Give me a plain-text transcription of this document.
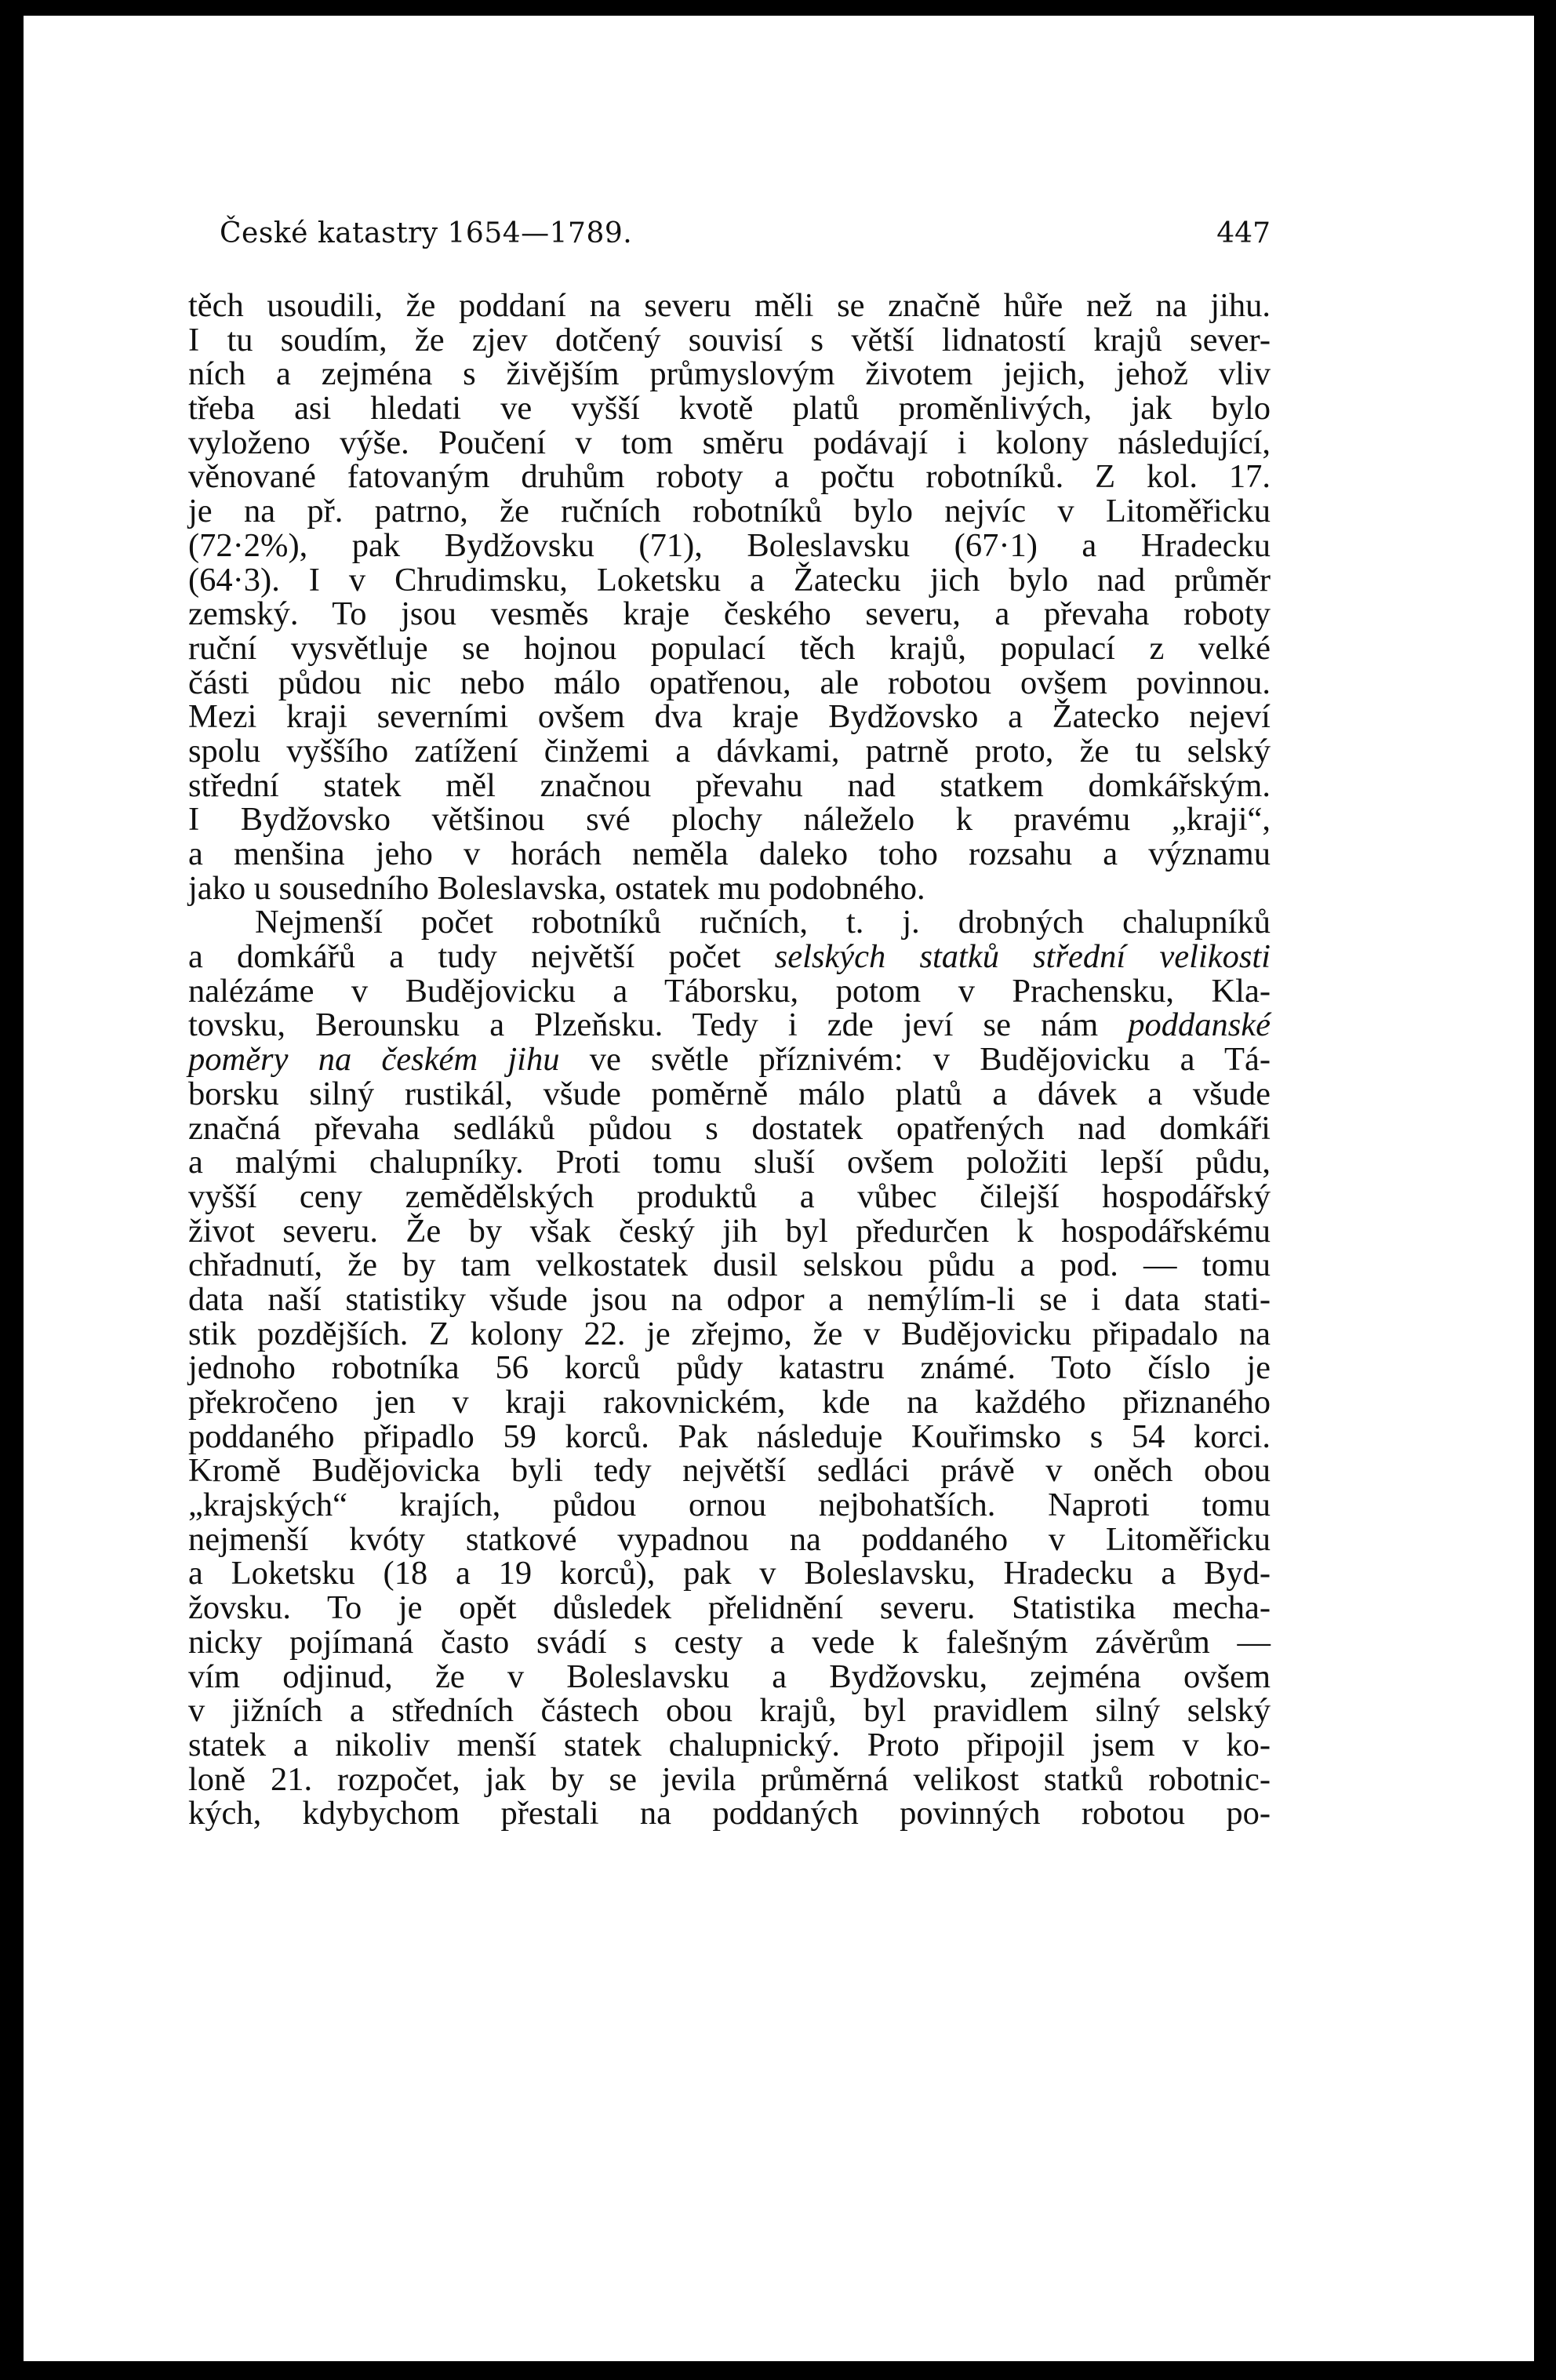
České katastry 1654—1789.	447
těch usoudili, že poddaní na severu měli se značně hůře než na jihu.
I tu soudím, že zjev dotčený souvisí s větší lidnatostí krajů sever-
ních a zejména s živějším průmyslovým životem jejich, jehož vliv
třeba asi hledati ve vyšší kvotě platů proměnlivých, jak bylo
vyloženo výše. Poučení v tom směru podávají i kolony následující,
věnované fatovaným druhům roboty a počtu robotníků. Z kol. 17.
je na př. patrno, že ručních robotníků bylo nejvíc v Litoměřicku
(72·2%), pak Bydžovsku (71), Boleslavsku (67·1) a Hradecku
(64·3). I v Chrudimsku, Loketsku a Žatecku jich bylo nad průměr
zemský. To jsou vesměs kraje českého severu, a převaha roboty
ruční vysvětluje se hojnou populací těch krajů, populací z velké
části půdou nic nebo málo opatřenou, ale robotou ovšem povinnou.
Mezi kraji severními ovšem dva kraje Bydžovsko a Žatecko nejeví
spolu vyššího zatížení činžemi a dávkami, patrně proto, že tu selský
střední statek měl značnou převahu nad statkem domkářským.
I Bydžovsko většinou své plochy náleželo k pravému „kraji“,
a menšina jeho v horách neměla daleko toho rozsahu a významu
jako u sousedního Boleslavska, ostatek mu podobného.
Nejmenší počet robotníků ručních, t. j. drobných chalupníků
a domkářů a tudy největší počet selských statků střední velikosti
nalézáme v Budějovicku a Táborsku, potom v Prachensku, Kla-
tovsku, Berounsku a Plzeňsku. Tedy i zde jeví se nám poddanské
poměry na českém jihu ve světle příznivém: v Budějovicku a Tá-
borsku silný rustikál, všude poměrně málo platů a dávek a všude
značná převaha sedláků půdou s dostatek opatřených nad domkáři
a malými chalupníky. Proti tomu sluší ovšem položiti lepší půdu,
vyšší ceny zemědělských produktů a vůbec čilejší hospodářský
život severu. Že by však český jih byl předurčen k hospodářskému
chřadnutí, že by tam velkostatek dusil selskou půdu a pod. — tomu
data naší statistiky všude jsou na odpor a nemýlím-li se i data stati-
stik pozdějších. Z kolony 22. je zřejmo, že v Budějovicku připadalo na
jednoho robotníka 56 korců půdy katastru známé. Toto číslo je
překročeno jen v kraji rakovnickém, kde na každého přiznaného
poddaného připadlo 59 korců. Pak následuje Kouřimsko s 54 korci.
Kromě Budějovicka byli tedy největší sedláci právě v oněch obou
„krajských“ krajích, půdou ornou nejbohatších. Naproti tomu
nejmenší kvóty statkové vypadnou na poddaného v Litoměřicku
a Loketsku (18 a 19 korců), pak v Boleslavsku, Hradecku a Byd-
žovsku. To je opět důsledek přelidnění severu. Statistika mecha-
nicky pojímaná často svádí s cesty a vede k falešným závěrům —
vím odjinud, že v Boleslavsku a Bydžovsku, zejména ovšem
v jižních a středních částech obou krajů, byl pravidlem silný selský
statek a nikoliv menší statek chalupnický. Proto připojil jsem v ko-
loně 21. rozpočet, jak by se jevila průměrná velikost statků robotnic-
kých, kdybychom přestali na poddaných povinných robotou po-
